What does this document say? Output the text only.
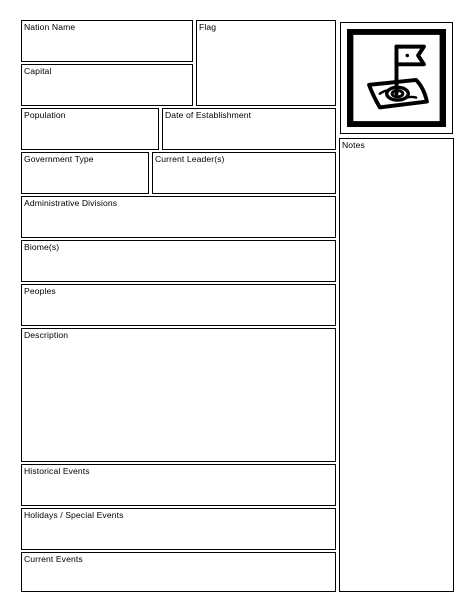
Nation Name
Capital
Flag
Population	Date of Establishment
Notes
Government Type	Current Leader(s)
Administrative Divisions
Biome(s)
Peoples
Description
Historical Events
Holidays / Special Events
Current Events
